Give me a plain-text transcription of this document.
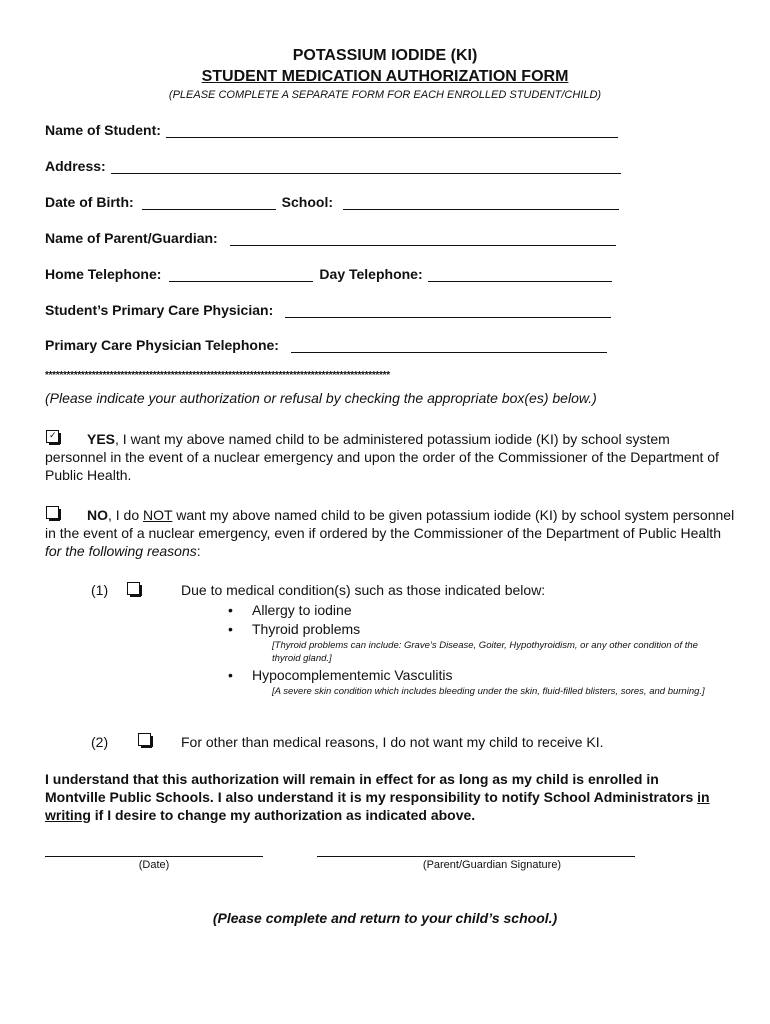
POTASSIUM IODIDE (KI)
STUDENT MEDICATION AUTHORIZATION FORM
(PLEASE COMPLETE A SEPARATE FORM FOR EACH ENROLLED STUDENT/CHILD)
Name of Student:
Address:
Date of Birth:	School:
Name of Parent/Guardian:
Home Telephone:	Day Telephone:
Student’s Primary Care Physician:
Primary Care Physician Telephone:
************************************************************************************************
(Please indicate your authorization or refusal by checking the appropriate box(es) below.)
✓	YES, I want my above named child to be administered potassium iodide (KI) by school system personnel in the event of a nuclear emergency and upon the order of the Commissioner of the Department of Public Health.
NO, I do NOT want my above named child to be given potassium iodide (KI) by school system personnel in the event of a nuclear emergency, even if ordered by the Commissioner of the Department of Public Health for the following reasons:
(1)	Due to medical condition(s) such as those indicated below:
• Allergy to iodine
• Thyroid problems
[Thyroid problems can include: Grave’s Disease, Goiter, Hypothyroidism, or any other condition of the thyroid gland.]
• Hypocomplementemic Vasculitis
[A severe skin condition which includes bleeding under the skin, fluid-filled blisters, sores, and burning.]
(2)	For other than medical reasons, I do not want my child to receive KI.
I understand that this authorization will remain in effect for as long as my child is enrolled in Montville Public Schools. I also understand it is my responsibility to notify School Administrators in writing if I desire to change my authorization as indicated above.
(Date)	(Parent/Guardian Signature)
(Please complete and return to your child’s school.)
